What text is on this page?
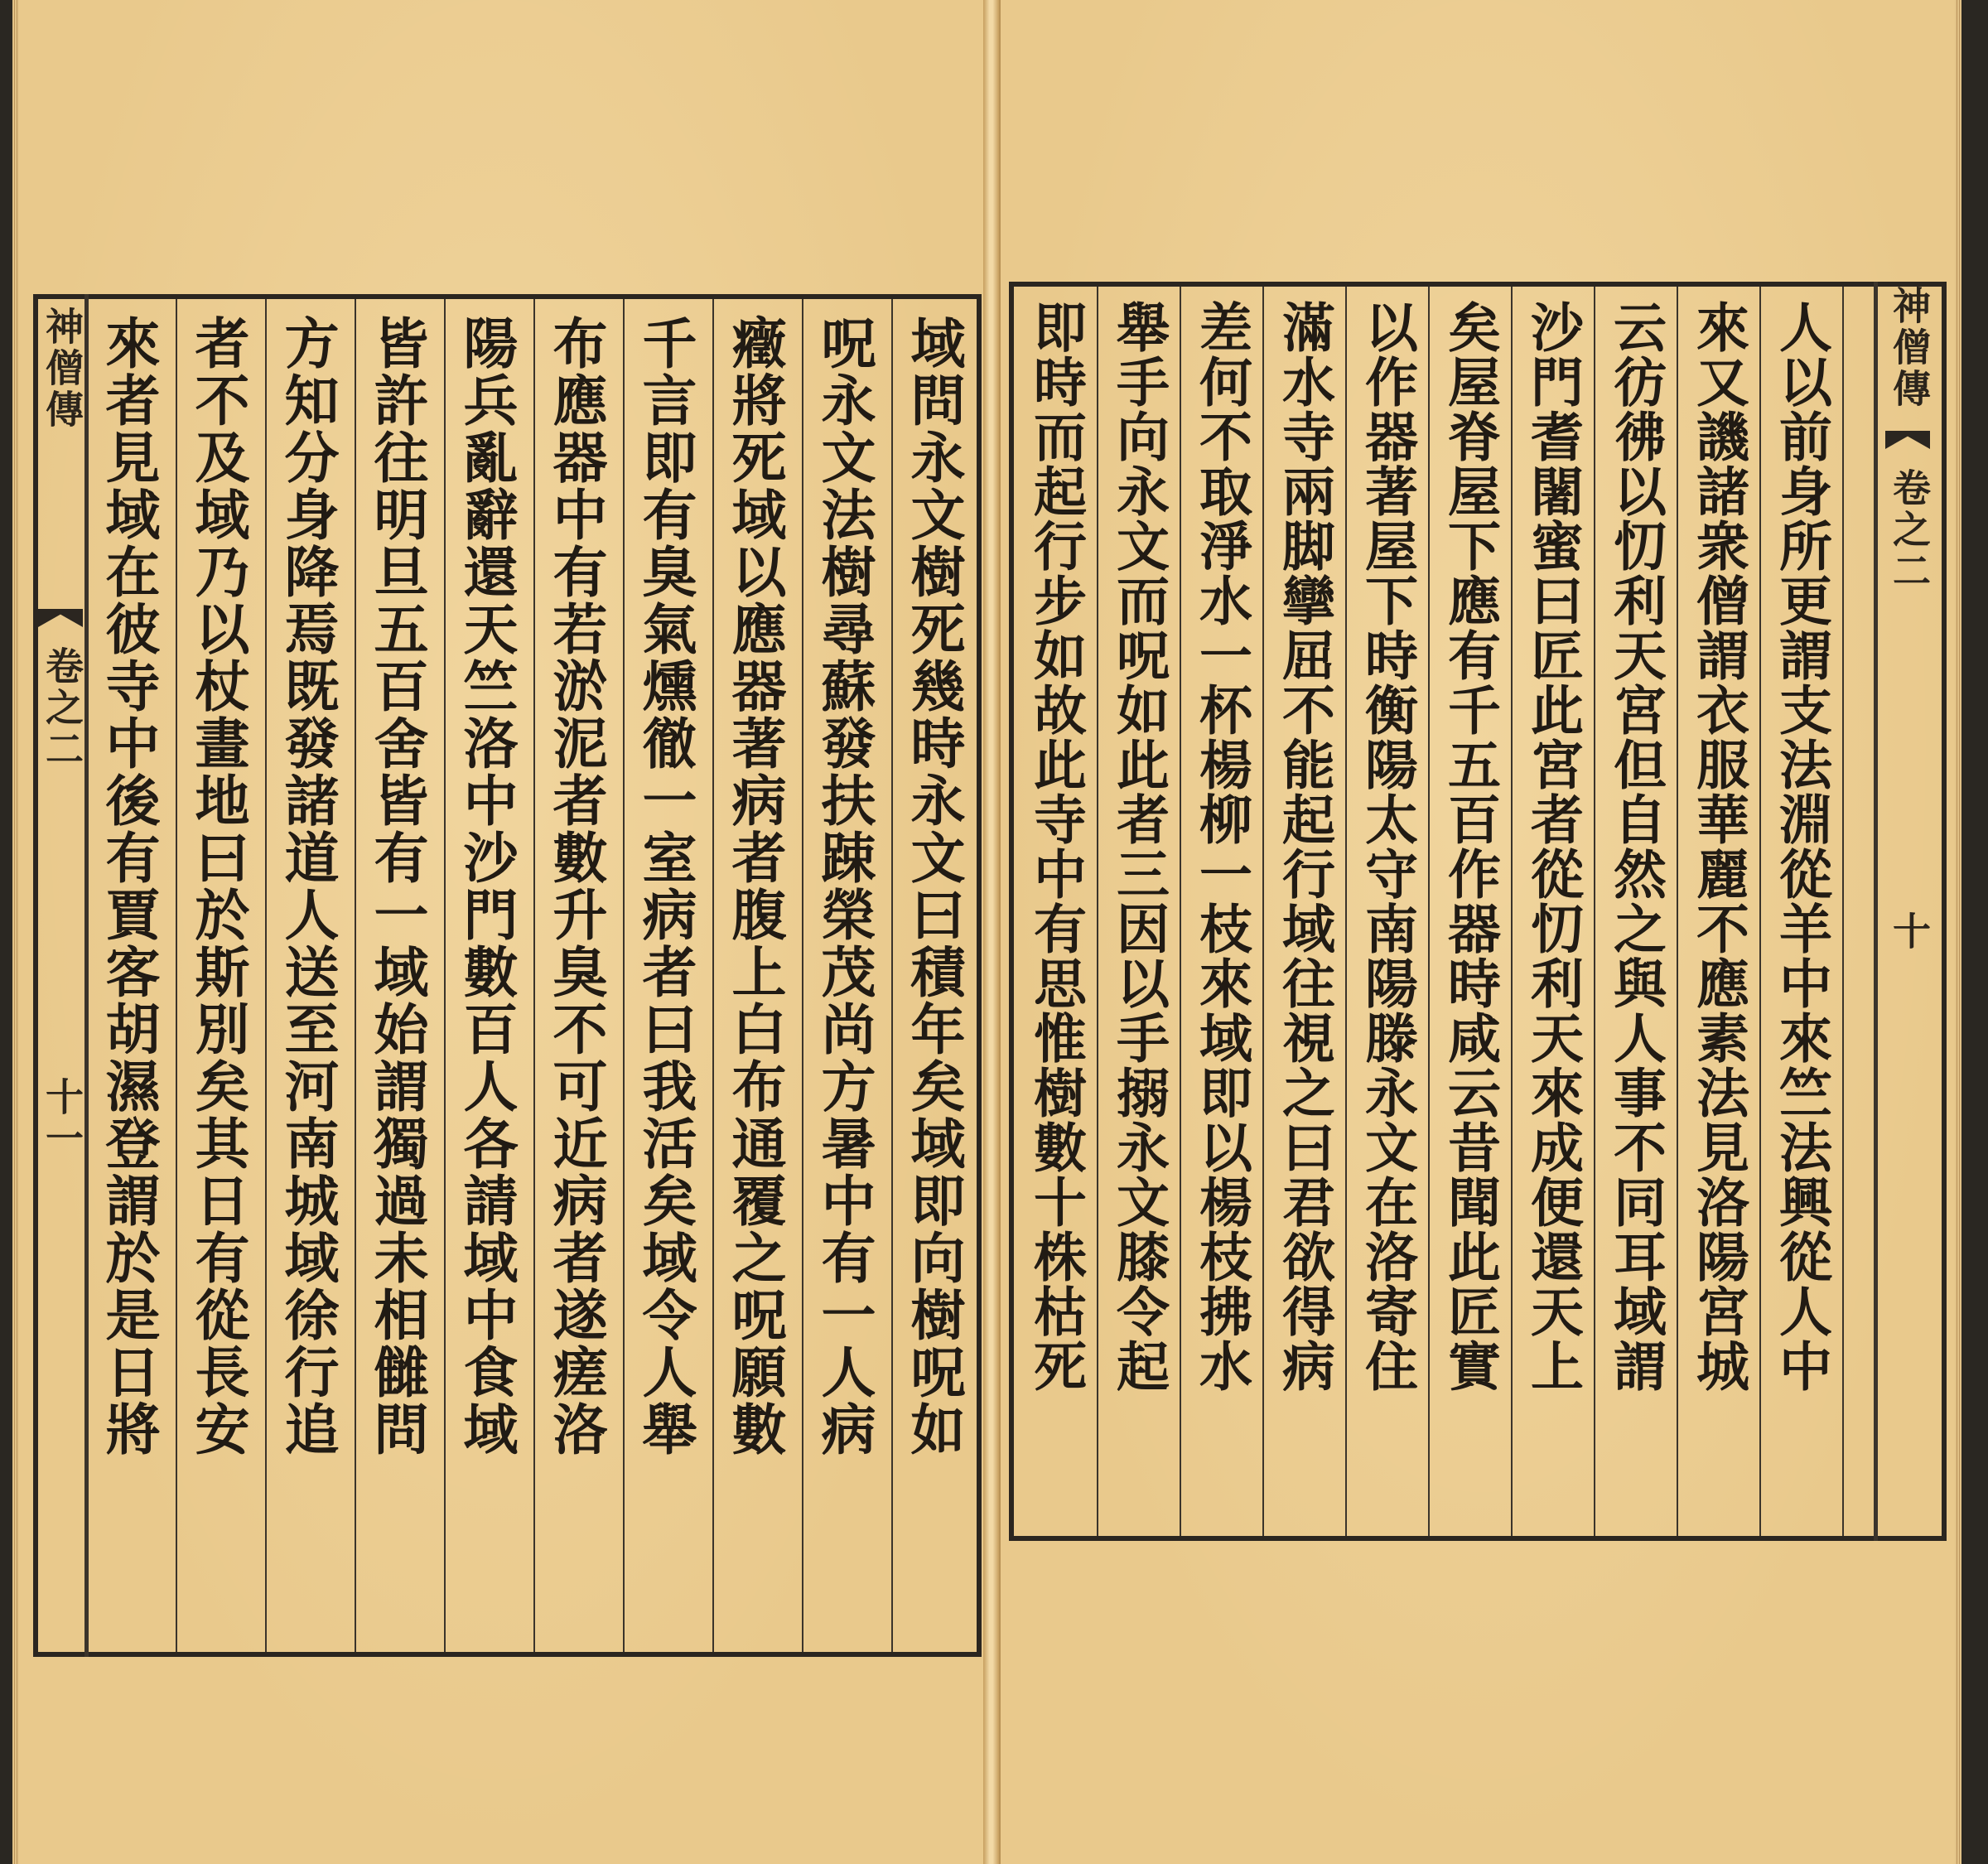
神僧傳
卷之二
十一 來者見域在彼寺中後有賈客胡濕登謂於是日將 者不及域乃以杖畫地曰於斯別矣其日有從長安 方知分身降焉既發諸道人送至河南城域徐行追 皆許往明旦五百舍皆有一域始謂獨過未相雠問 陽兵亂辭還天竺洛中沙門數百人各請域中食域 布應器中有若淤泥者數升臭不可近病者遂瘥洛 千言即有臭氣燻徹一室病者曰我活矣域令人舉 癥將死域以應器著病者腹上白布通覆之呪願數 呪永文法樹尋蘇發扶踈榮茂尚方暑中有一人病 域問永文樹死幾時永文曰積年矣域即向樹呪如 即時而起行步如故此寺中有思惟樹數十株枯死 舉手向永文而呪如此者三因以手搦永文膝令起 差何不取淨水一杯楊柳一枝來域即以楊枝拂水 滿水寺兩脚攣屈不能起行域往視之曰君欲得病 以作器著屋下時衡陽太守南陽滕永文在洛寄住 矣屋脊屋下應有千五百作器時咸云昔聞此匠實 沙門耆闍蜜曰匠此宮者從忉利天來成便還天上 云彷彿以忉利天宮但自然之與人事不同耳域謂 來又譏諸衆僧謂衣服華麗不應素法見洛陽宮城 人以前身所更謂支法淵從羊中來竺法興從人中 神僧傳
卷之二
十
